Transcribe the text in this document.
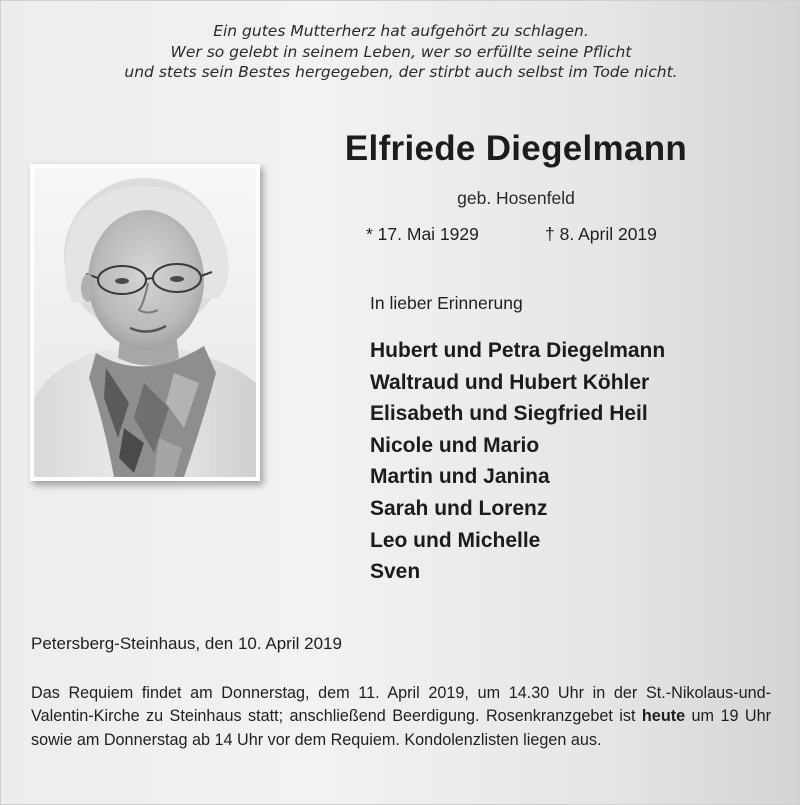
Ein gutes Mutterherz hat aufgehört zu schlagen.
Wer so gelebt in seinem Leben, wer so erfüllte seine Pflicht
und stets sein Bestes hergegeben, der stirbt auch selbst im Tode nicht.
Elfriede Diegelmann
geb. Hosenfeld
* 17. Mai 1929	† 8. April 2019
In lieber Erinnerung
Hubert und Petra Diegelmann
Waltraud und Hubert Köhler
Elisabeth und Siegfried Heil
Nicole und Mario
Martin und Janina
Sarah und Lorenz
Leo und Michelle
Sven
Petersberg-Steinhaus, den 10. April 2019
Das Requiem findet am Donnerstag, dem 11. April 2019, um 14.30 Uhr in der St.-Nikolaus-und-Valentin-Kirche zu Steinhaus statt; anschließend Beerdigung. Rosenkranzgebet ist heute um 19 Uhr sowie am Donnerstag ab 14 Uhr vor dem Requiem. Kondolenzlisten liegen aus.
